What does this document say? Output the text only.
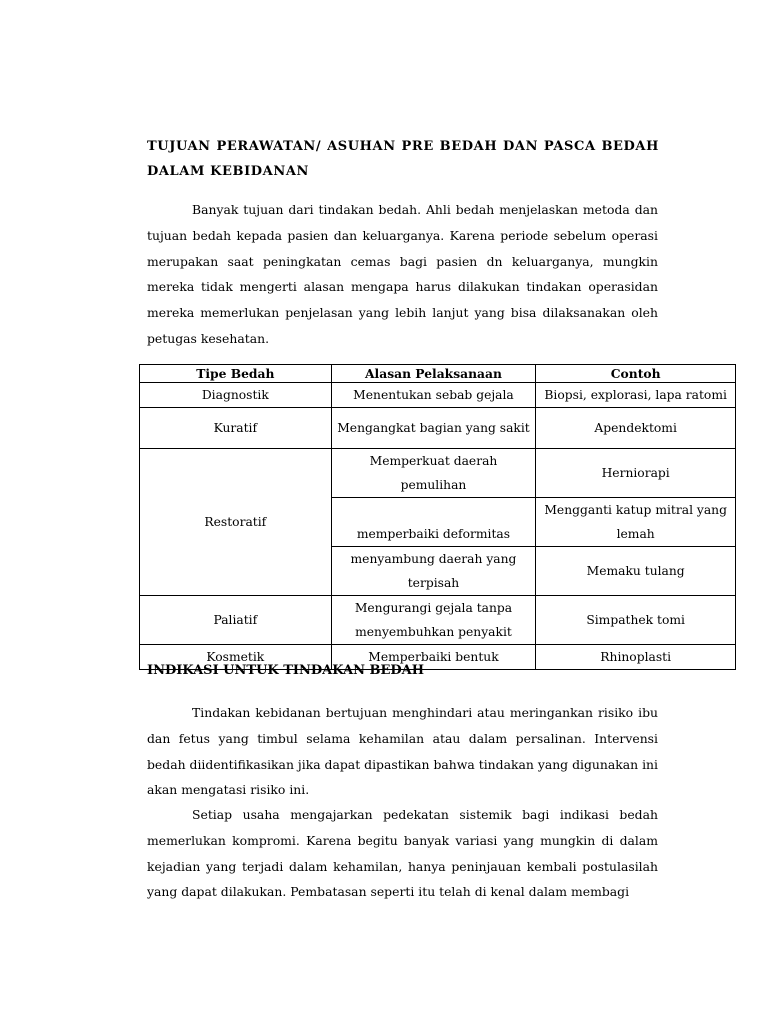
TUJUAN PERAWATAN/ ASUHAN PRE BEDAH DAN PASCA BEDAH DALAM KEBIDANAN
Banyak tujuan dari tindakan bedah. Ahli bedah menjelaskan metoda dan tujuan bedah kepada pasien dan keluarganya. Karena periode sebelum operasi merupakan saat peningkatan cemas bagi pasien dn keluarganya, mungkin mereka tidak mengerti alasan mengapa harus dilakukan tindakan operasidan mereka memerlukan penjelasan yang lebih lanjut yang bisa dilaksanakan oleh petugas kesehatan.
Tipe Bedah	Alasan Pelaksanaan	Contoh
Diagnostik	Menentukan sebab gejala	Biopsi, explorasi, lapa ratomi
Kuratif	Mengangkat bagian yang sakit	Apendektomi
Restoratif	Memperkuat daerah pemulihan	Herniorapi
	memperbaiki deformitas	Mengganti katup mitral yang lemah
	menyambung daerah yang terpisah	Memaku tulang
Paliatif	Mengurangi gejala tanpa menyembuhkan penyakit	Simpathek tomi
Kosmetik	Memperbaiki bentuk	Rhinoplasti
INDIKASI UNTUK TINDAKAN BEDAH
Tindakan kebidanan bertujuan menghindari atau meringankan risiko ibu dan fetus yang timbul selama kehamilan atau dalam persalinan. Intervensi bedah diidentifikasikan jika dapat dipastikan bahwa tindakan yang digunakan ini akan mengatasi risiko ini.
Setiap usaha mengajarkan pedekatan sistemik bagi indikasi bedah memerlukan kompromi. Karena begitu banyak variasi yang mungkin di dalam kejadian yang terjadi dalam kehamilan, hanya peninjauan kembali postulasilah yang dapat dilakukan. Pembatasan seperti itu telah di kenal dalam membagi
